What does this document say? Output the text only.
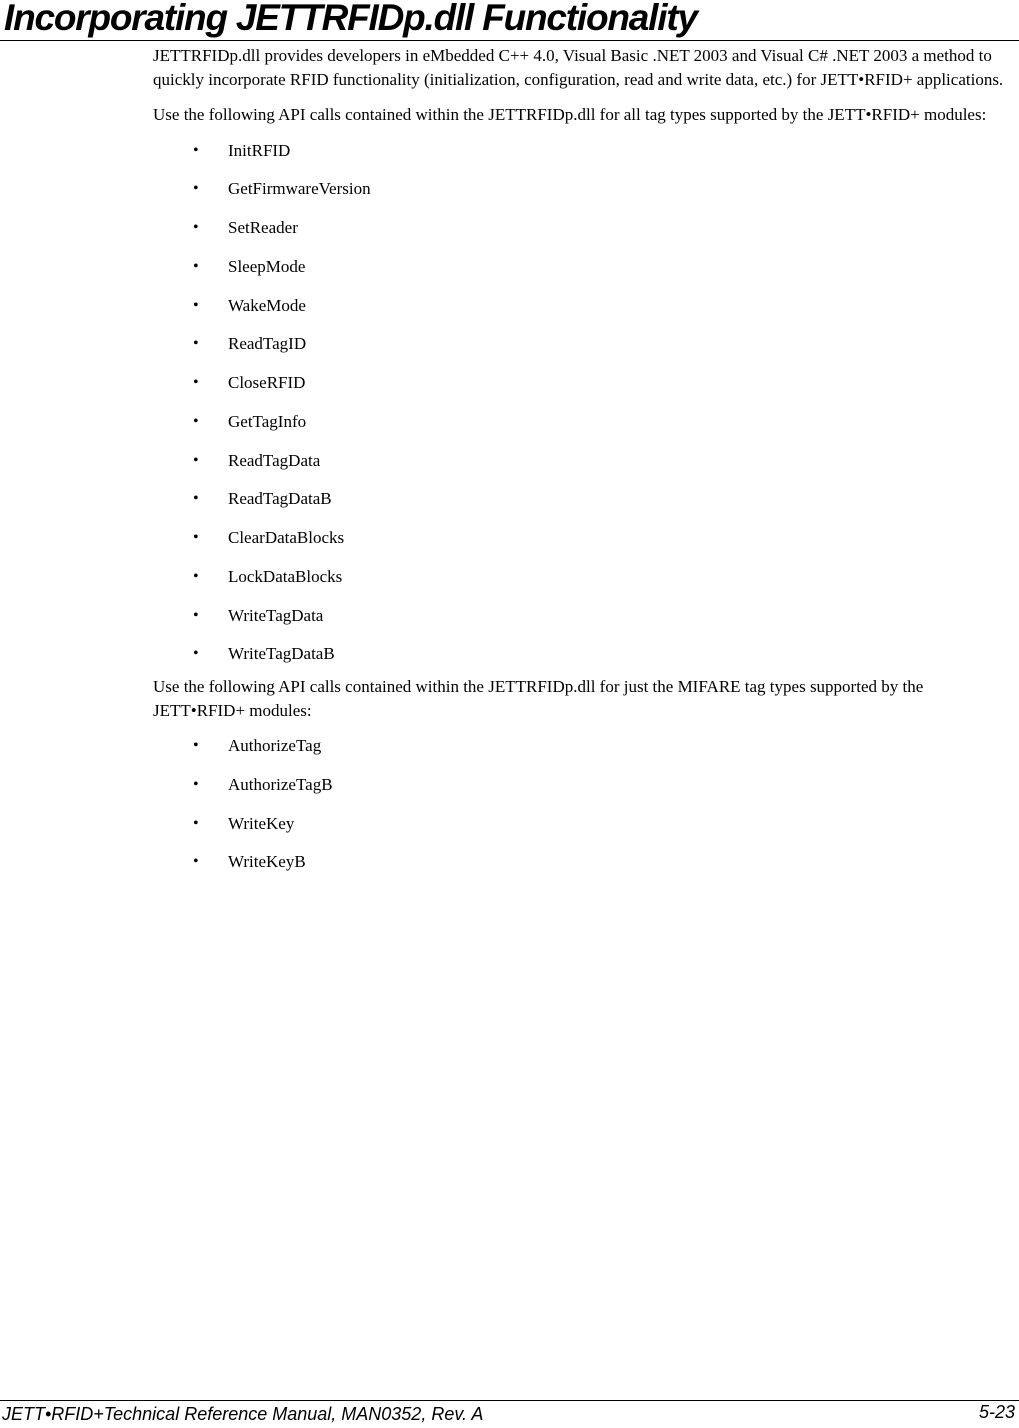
Incorporating JETTRFIDp.dll Functionality

JETTRFIDp.dll provides developers in eMbedded C++ 4.0, Visual Basic .NET 2003 and Visual C# .NET 2003 a method to quickly incorporate RFID functionality (initialization, configuration, read and write data, etc.) for JETT•RFID+ applications.

Use the following API calls contained within the JETTRFIDp.dll for all tag types supported by the JETT•RFID+ modules:

• InitRFID
• GetFirmwareVersion
• SetReader
• SleepMode
• WakeMode
• ReadTagID
• CloseRFID
• GetTagInfo
• ReadTagData
• ReadTagDataB
• ClearDataBlocks
• LockDataBlocks
• WriteTagData
• WriteTagDataB

Use the following API calls contained within the JETTRFIDp.dll for just the MIFARE tag types supported by the JETT•RFID+ modules:

• AuthorizeTag
• AuthorizeTagB
• WriteKey
• WriteKeyB
JETT•RFID+Technical Reference Manual, MAN0352, Rev. A	5-23
